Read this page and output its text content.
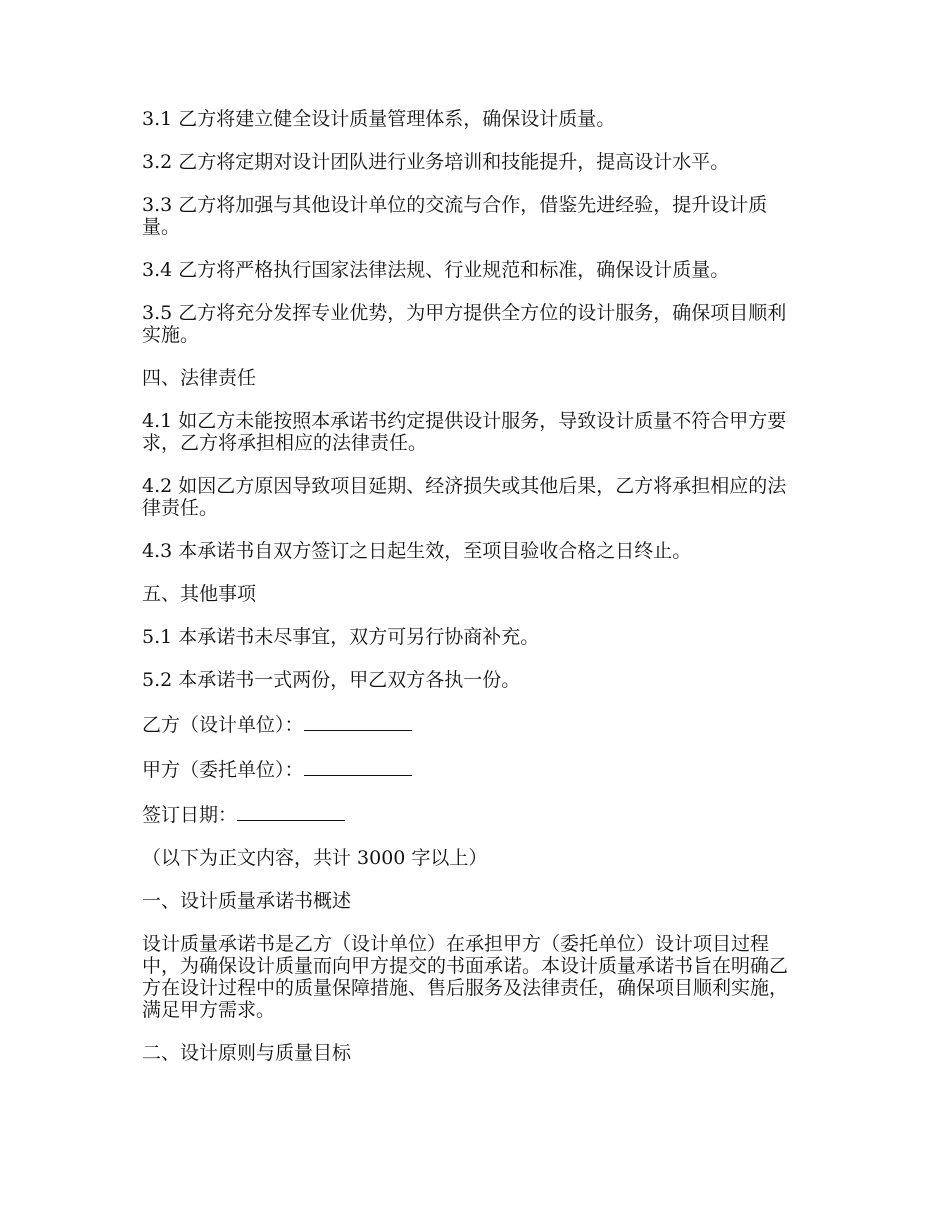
3.1 乙方将建立健全设计质量管理体系，确保设计质量。

3.2 乙方将定期对设计团队进行业务培训和技能提升，提高设计水平。

3.3 乙方将加强与其他设计单位的交流与合作，借鉴先进经验，提升设计质量。

3.4 乙方将严格执行国家法律法规、行业规范和标准，确保设计质量。

3.5 乙方将充分发挥专业优势，为甲方提供全方位的设计服务，确保项目顺利实施。

四、法律责任

4.1 如乙方未能按照本承诺书约定提供设计服务，导致设计质量不符合甲方要求，乙方将承担相应的法律责任。

4.2 如因乙方原因导致项目延期、经济损失或其他后果，乙方将承担相应的法律责任。

4.3 本承诺书自双方签订之日起生效，至项目验收合格之日终止。

五、其他事项

5.1 本承诺书未尽事宜，双方可另行协商补充。

5.2 本承诺书一式两份，甲乙双方各执一份。

乙方（设计单位）：

甲方（委托单位）：

签订日期：

（以下为正文内容，共计 3000 字以上）

一、设计质量承诺书概述

设计质量承诺书是乙方（设计单位）在承担甲方（委托单位）设计项目过程中，为确保设计质量而向甲方提交的书面承诺。本设计质量承诺书旨在明确乙方在设计过程中的质量保障措施、售后服务及法律责任，确保项目顺利实施，满足甲方需求。

二、设计原则与质量目标
